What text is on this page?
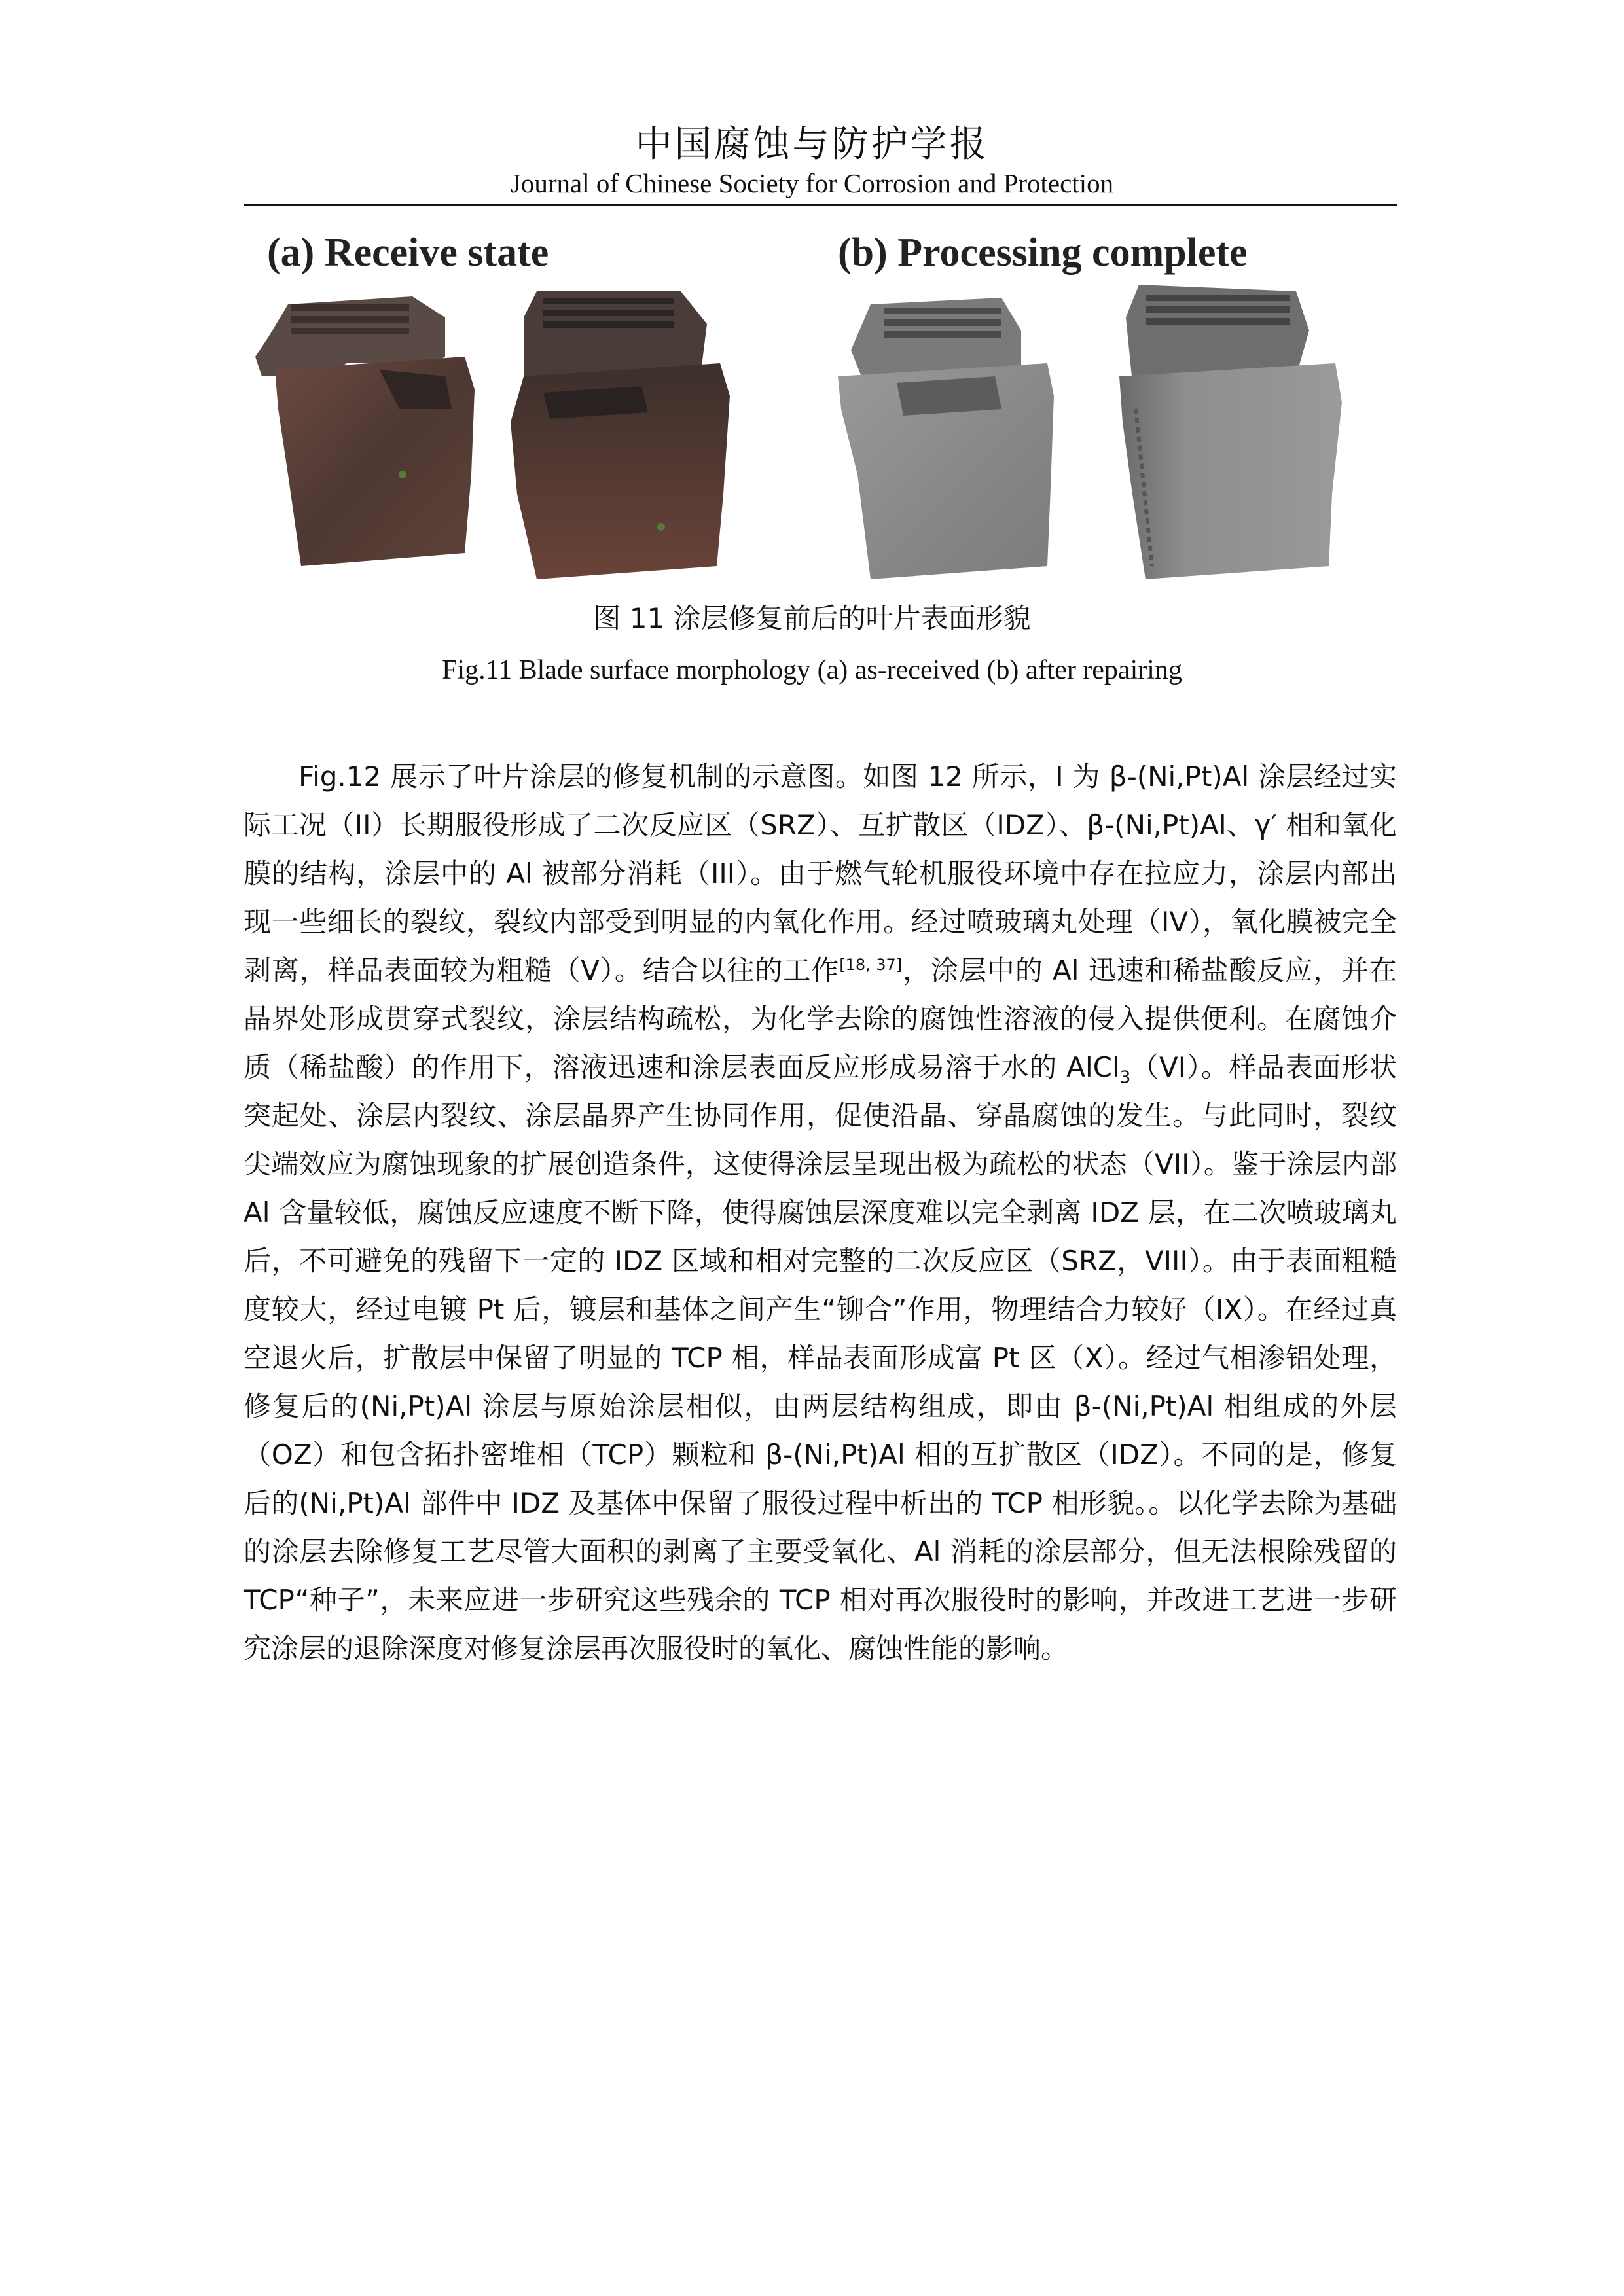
中国腐蚀与防护学报
Journal of Chinese Society for Corrosion and Protection
(a) Receive state	(b) Processing complete
图 11 涂层修复前后的叶片表面形貌
Fig.11 Blade surface morphology (a) as-received (b) after repairing

Fig.12 展示了叶片涂层的修复机制的示意图。如图 12 所示，I 为 β-(Ni,Pt)Al 涂层经过实际工况（II）长期服役形成了二次反应区（SRZ）、互扩散区（IDZ）、β-(Ni,Pt)Al、γ′ 相和氧化膜的结构，涂层中的 Al 被部分消耗（III）。由于燃气轮机服役环境中存在拉应力，涂层内部出现一些细长的裂纹，裂纹内部受到明显的内氧化作用。经过喷玻璃丸处理（IV），氧化膜被完全剥离，样品表面较为粗糙（V）。结合以往的工作[18, 37]，涂层中的 Al 迅速和稀盐酸反应，并在晶界处形成贯穿式裂纹，涂层结构疏松，为化学去除的腐蚀性溶液的侵入提供便利。在腐蚀介质（稀盐酸）的作用下，溶液迅速和涂层表面反应形成易溶于水的 AlCl$_3$（VI）。样品表面形状突起处、涂层内裂纹、涂层晶界产生协同作用，促使沿晶、穿晶腐蚀的发生。与此同时，裂纹尖端效应为腐蚀现象的扩展创造条件，这使得涂层呈现出极为疏松的状态（VII）。鉴于涂层内部 Al 含量较低，腐蚀反应速度不断下降，使得腐蚀层深度难以完全剥离 IDZ 层，在二次喷玻璃丸后，不可避免的残留下一定的 IDZ 区域和相对完整的二次反应区（SRZ，VIII）。由于表面粗糙度较大，经过电镀 Pt 后，镀层和基体之间产生“铆合”作用，物理结合力较好（IX）。在经过真空退火后，扩散层中保留了明显的 TCP 相，样品表面形成富 Pt 区（X）。经过气相渗铝处理，修复后的(Ni,Pt)Al 涂层与原始涂层相似，由两层结构组成，即由 β-(Ni,Pt)Al 相组成的外层（OZ）和包含拓扑密堆相（TCP）颗粒和 β-(Ni,Pt)Al 相的互扩散区（IDZ）。不同的是，修复后的(Ni,Pt)Al 部件中 IDZ 及基体中保留了服役过程中析出的 TCP 相形貌。。以化学去除为基础的涂层去除修复工艺尽管大面积的剥离了主要受氧化、Al 消耗的涂层部分，但无法根除残留的 TCP“种子”，未来应进一步研究这些残余的 TCP 相对再次服役时的影响，并改进工艺进一步研究涂层的退除深度对修复涂层再次服役时的氧化、腐蚀性能的影响。
